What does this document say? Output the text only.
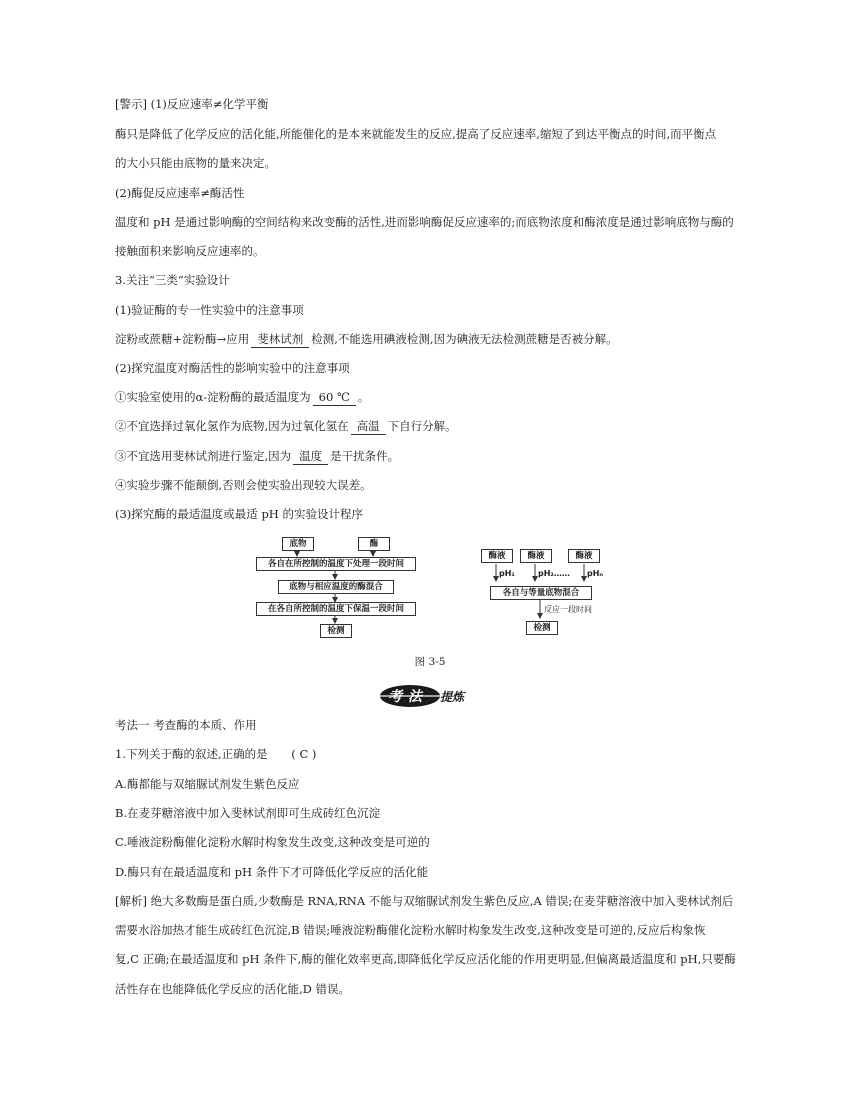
[警示] (1)反应速率≠化学平衡
酶只是降低了化学反应的活化能,所能催化的是本来就能发生的反应,提高了反应速率,缩短了到达平衡点的时间,而平衡点
的大小只能由底物的量来决定。
(2)酶促反应速率≠酶活性
温度和 pH 是通过影响酶的空间结构来改变酶的活性,进而影响酶促反应速率的;而底物浓度和酶浓度是通过影响底物与酶的
接触面积来影响反应速率的。
3.关注“三类”实验设计
(1)验证酶的专一性实验中的注意事项
淀粉或蔗糖+淀粉酶→应用 斐林试剂 检测,不能选用碘液检测,因为碘液无法检测蔗糖是否被分解。
(2)探究温度对酶活性的影响实验中的注意事项
①实验室使用的α-淀粉酶的最适温度为 60 ℃ 。
②不宜选择过氧化氢作为底物,因为过氧化氢在 高温 下自行分解。
③不宜选用斐林试剂进行鉴定,因为 温度 是干扰条件。
④实验步骤不能颠倒,否则会使实验出现较大误差。
(3)探究酶的最适温度或最适 pH 的实验设计程序
底物	酶
各自在所控制的温度下处理一段时间
底物与相应温度的酶混合
在各自所控制的温度下保温一段时间
检测
酶液	酶液	酶液
pH₁	pH₂…… pHₙ
各自与等量底物混合
反应一段时间
检测
图 3-5
考 法 提炼
考法一 考查酶的本质、作用
1.下列关于酶的叙述,正确的是 ( C )
A.酶都能与双缩脲试剂发生紫色反应
B.在麦芽糖溶液中加入斐林试剂即可生成砖红色沉淀
C.唾液淀粉酶催化淀粉水解时构象发生改变,这种改变是可逆的
D.酶只有在最适温度和 pH 条件下才可降低化学反应的活化能
[解析] 绝大多数酶是蛋白质,少数酶是 RNA,RNA 不能与双缩脲试剂发生紫色反应,A 错误;在麦芽糖溶液中加入斐林试剂后
需要水浴加热才能生成砖红色沉淀,B 错误;唾液淀粉酶催化淀粉水解时构象发生改变,这种改变是可逆的,反应后构象恢
复,C 正确;在最适温度和 pH 条件下,酶的催化效率更高,即降低化学反应活化能的作用更明显,但偏离最适温度和 pH,只要酶
活性存在也能降低化学反应的活化能,D 错误。
